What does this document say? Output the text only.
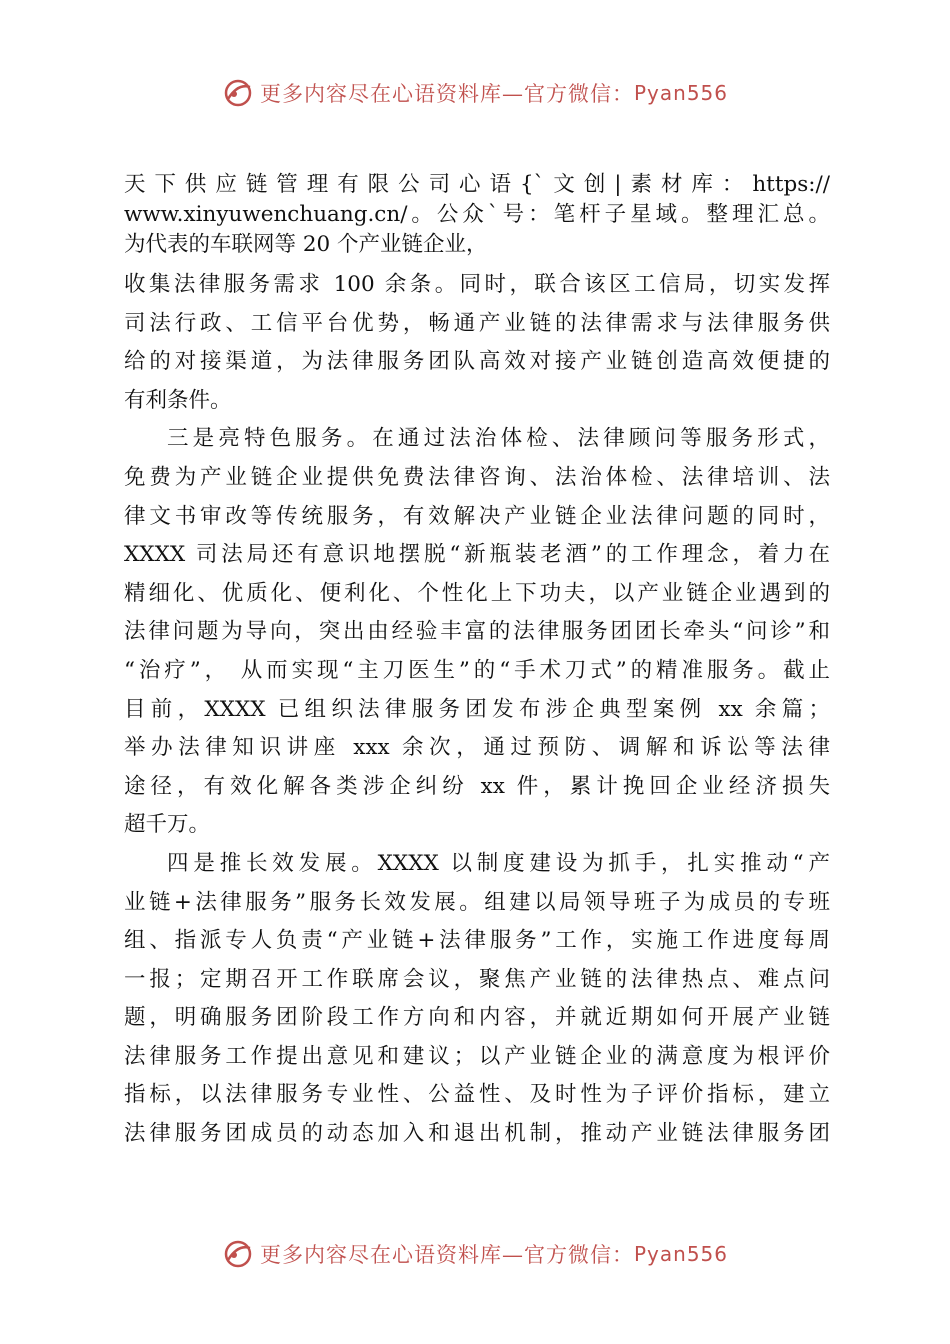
更多内容尽在心语资料库—官方微信： Pyan556
天下供应链管理有限公司心语{`文创|素材库：https://
www.xinyuwenchuang.cn/。公众`号：笔杆子星域。整理汇总。
为代表的车联网等 20 个产业链企业，
收集法律服务需求 100 余条。同时，联合该区工信局，切实发挥
司法行政、工信平台优势，畅通产业链的法律需求与法律服务供
给的对接渠道，为法律服务团队高效对接产业链创造高效便捷的
有利条件。
三是亮特色服务。在通过法治体检、法律顾问等服务形式，
免费为产业链企业提供免费法律咨询、法治体检、法律培训、法
律文书审改等传统服务，有效解决产业链企业法律问题的同时，
XXXX 司法局还有意识地摆脱“新瓶装老酒”的工作理念，着力在
精细化、优质化、便利化、个性化上下功夫，以产业链企业遇到的
法律问题为导向，突出由经验丰富的法律服务团团长牵头“问诊”和
“治疗”， 从而实现“主刀医生”的“手术刀式”的精准服务。截止
目前，XXXX 已组织法律服务团发布涉企典型案例 xx 余篇；
举办法律知识讲座 xxx 余次，通过预防、调解和诉讼等法律
途径，有效化解各类涉企纠纷 xx 件，累计挽回企业经济损失
超千万。
四是推长效发展。XXXX 以制度建设为抓手，扎实推动“产
业链+法律服务”服务长效发展。组建以局领导班子为成员的专班
组、指派专人负责“产业链+法律服务”工作，实施工作进度每周
一报；定期召开工作联席会议，聚焦产业链的法律热点、难点问
题，明确服务团阶段工作方向和内容，并就近期如何开展产业链
法律服务工作提出意见和建议；以产业链企业的满意度为根评价
指标，以法律服务专业性、公益性、及时性为子评价指标，建立
法律服务团成员的动态加入和退出机制，推动产业链法律服务团
更多内容尽在心语资料库—官方微信： Pyan556
